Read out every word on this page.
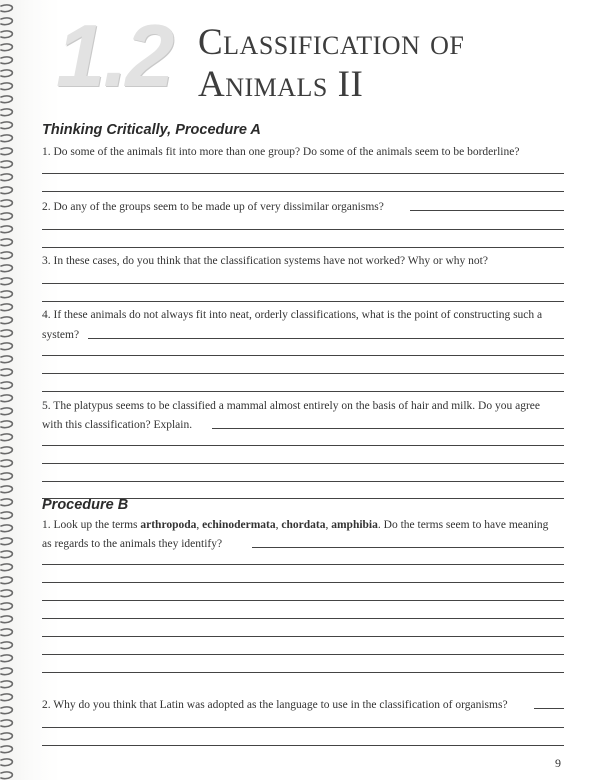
1.2 Classification of
Animals II
Thinking Critically, Procedure A
1. Do some of the animals fit into more than one group? Do some of the animals seem to be borderline?
2. Do any of the groups seem to be made up of very dissimilar organisms?
3. In these cases, do you think that the classification systems have not worked? Why or why not?
4. If these animals do not always fit into neat, orderly classifications, what is the point of constructing such a
system?
5. The platypus seems to be classified a mammal almost entirely on the basis of hair and milk. Do you agree
with this classification? Explain.
Procedure B
1. Look up the terms arthropoda, echinodermata, chordata, amphibia. Do the terms seem to have meaning
as regards to the animals they identify?
2. Why do you think that Latin was adopted as the language to use in the classification of organisms?
9
